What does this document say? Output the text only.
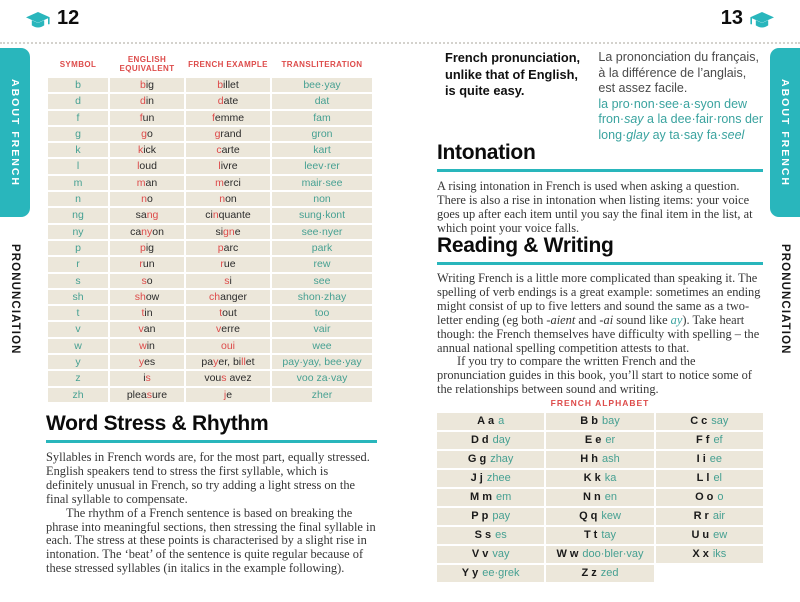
12	13
ABOUT FRENCH
PRONUNCIATION
ABOUT FRENCH
PRONUNCIATION
SYMBOL	ENGLISH EQUIVALENT	FRENCH EXAMPLE	TRANSLITERATION
b	big	billet	bee·yay
d	din	date	dat
f	fun	femme	fam
g	go	grand	gron
k	kick	carte	kart
l	loud	livre	leev·rer
m	man	merci	mair·see
n	no	non	non
ng	sang	cinquante	sung·kont
ny	canyon	signe	see·nyer
p	pig	parc	park
r	run	rue	rew
s	so	si	see
sh	show	changer	shon·zhay
t	tin	tout	too
v	van	verre	vair
w	win	oui	wee
y	yes	payer, billet	pay·yay, bee·yay
z	is	vous avez	voo za·vay
zh	pleasure	je	zher
Word Stress & Rhythm

Syllables in French words are, for the most part, equally stressed. English speakers tend to stress the first syllable, which is definitely unusual in French, so try adding a light stress on the final syllable to compensate.

The rhythm of a French sentence is based on breaking the phrase into meaningful sections, then stressing the final syllable in each. The stress at these points is characterised by a slight rise in intonation. The ‘beat’ of the sentence is quite regular because of these stressed syllables (in italics in the example following).

French pronunciation, unlike that of English, is quite easy.
La prononciation du français, à la différence de l’anglais, est assez facile.
la pro·non·see·a·syon dew fron·say a la dee·fair·rons der long·glay ay ta·say fa·seel
Intonation

A rising intonation in French is used when asking a question. There is also a rise in intonation when listing items: your voice goes up after each item until you say the final item in the list, at which point your voice falls.

Reading & Writing

Writing French is a little more complicated than speaking it. The spelling of verb endings is a great example: sometimes an ending might consist of up to five letters and sound the same as a two-letter ending (eg both -aient and -ai sound like ay). Take heart though: the French themselves have difficulty with spelling – the annual national spelling competition attests to that.

If you try to compare the written French and the pronunciation guides in this book, you’ll start to notice some of the relationships between sound and writing.

FRENCH ALPHABET
A a a	B b bay	C c say
D d day	E e er	F f ef
G g zhay	H h ash	I i ee
J j zhee	K k ka	L l el
M m em	N n en	O o o
P p pay	Q q kew	R r air
S s es	T t tay	U u ew
V v vay	W w doo·bler·vay	X x iks
Y y ee·grek	Z z zed
